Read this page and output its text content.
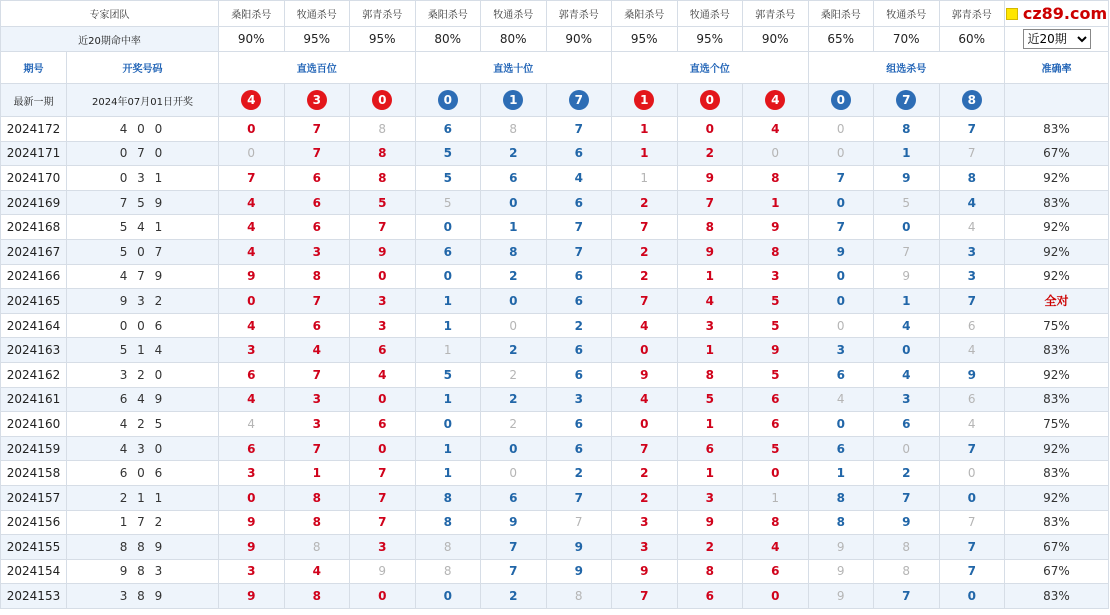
专家团队		桑阳杀号	牧通杀号	郭青杀号	桑阳杀号	牧通杀号	郭青杀号	桑阳杀号	牧通杀号	郭青杀号	桑阳杀号	牧通杀号	郭青杀号	cz89.com

近20期命中率		90%	95%	95%	80%	80%	90%	95%	95%	90%	65%	70%	60%	
近20期
期号	开奖号码	直选百位			直选十位			直选个位			组选杀号			准确率
最新一期	2024年07月01日开奖	4	3	0	0	1	7	1	0	4	0	7	8	
2024172	4 0 0	0	7	8	6	8	7	1	0	4	0	8	7	83%
2024171	0 7 0	0	7	8	5	2	6	1	2	0	0	1	7	67%
2024170	0 3 1	7	6	8	5	6	4	1	9	8	7	9	8	92%
2024169	7 5 9	4	6	5	5	0	6	2	7	1	0	5	4	83%
2024168	5 4 1	4	6	7	0	1	7	7	8	9	7	0	4	92%
2024167	5 0 7	4	3	9	6	8	7	2	9	8	9	7	3	92%
2024166	4 7 9	9	8	0	0	2	6	2	1	3	0	9	3	92%
2024165	9 3 2	0	7	3	1	0	6	7	4	5	0	1	7	全对
2024164	0 0 6	4	6	3	1	0	2	4	3	5	0	4	6	75%
2024163	5 1 4	3	4	6	1	2	6	0	1	9	3	0	4	83%
2024162	3 2 0	6	7	4	5	2	6	9	8	5	6	4	9	92%
2024161	6 4 9	4	3	0	1	2	3	4	5	6	4	3	6	83%
2024160	4 2 5	4	3	6	0	2	6	0	1	6	0	6	4	75%
2024159	4 3 0	6	7	0	1	0	6	7	6	5	6	0	7	92%
2024158	6 0 6	3	1	7	1	0	2	2	1	0	1	2	0	83%
2024157	2 1 1	0	8	7	8	6	7	2	3	1	8	7	0	92%
2024156	1 7 2	9	8	7	8	9	7	3	9	8	8	9	7	83%
2024155	8 8 9	9	8	3	8	7	9	3	2	4	9	8	7	67%
2024154	9 8 3	3	4	9	8	7	9	9	8	6	9	8	7	67%
2024153	3 8 9	9	8	0	0	2	8	7	6	0	9	7	0	83%
